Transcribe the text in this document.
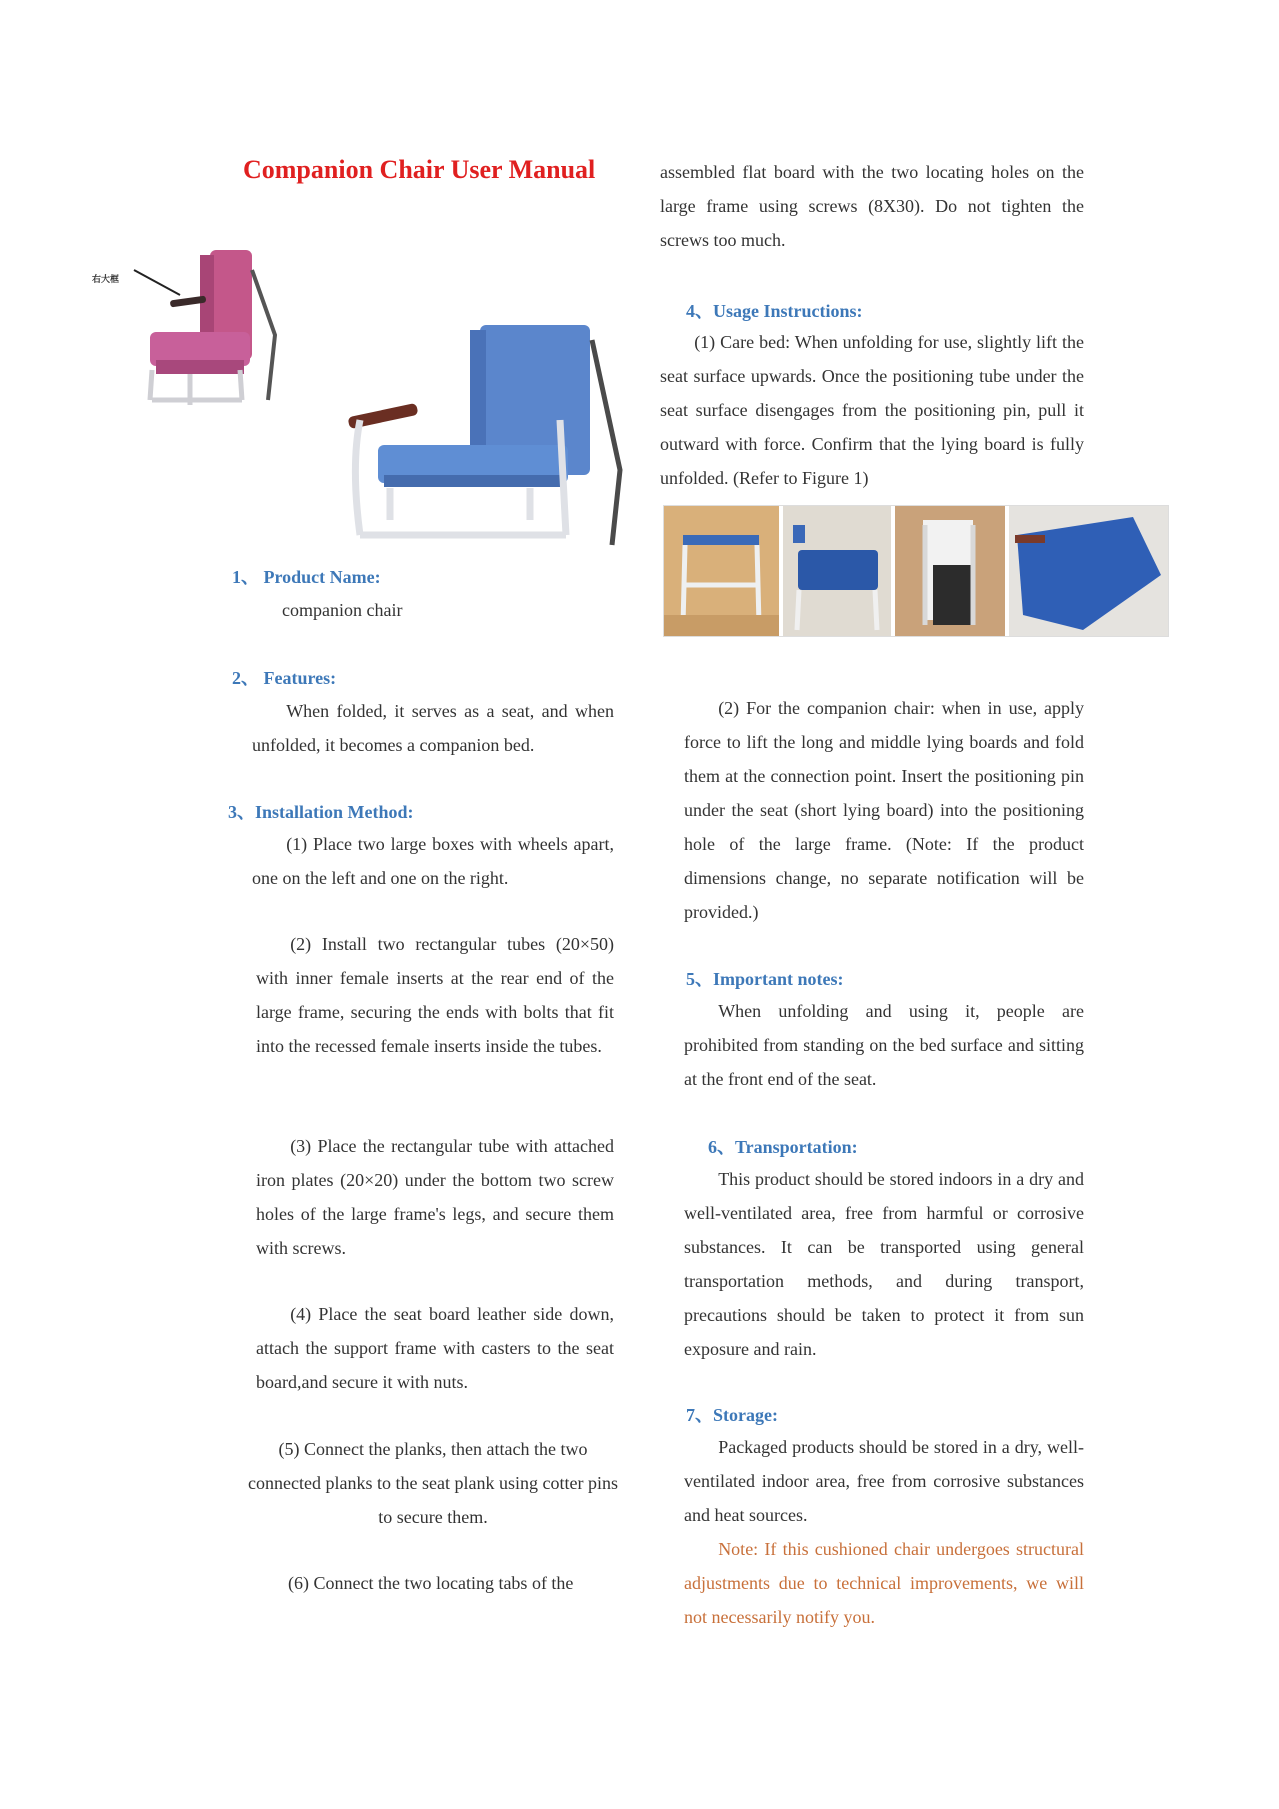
Companion Chair User Manual
右大框
1、 Product Name:
companion chair
2、 Features:
When folded, it serves as a seat, and when unfolded, it becomes a companion bed.
3、Installation Method:
(1) Place two large boxes with wheels apart, one on the left and one on the right.
(2) Install two rectangular tubes (20×50) with inner female inserts at the rear end of the large frame, securing the ends with bolts that fit into the recessed female inserts inside the tubes.
(3) Place the rectangular tube with attached iron plates (20×20) under the bottom two screw holes of the large frame's legs, and secure them with screws.
(4) Place the seat board leather side down, attach the support frame with casters to the seat board,and secure it with nuts.
(5) Connect the planks, then attach the two connected planks to the seat plank using cotter pins to secure them.
(6) Connect the two locating tabs of the
assembled flat board with the two locating holes on the large frame using screws (8X30). Do not tighten the screws too much.
4、Usage Instructions:
(1) Care bed: When unfolding for use, slightly lift the seat surface upwards. Once the positioning tube under the seat surface disengages from the positioning pin, pull it outward with force. Confirm that the lying board is fully unfolded. (Refer to Figure 1)
(2) For the companion chair: when in use, apply force to lift the long and middle lying boards and fold them at the connection point. Insert the positioning pin under the seat (short lying board) into the positioning hole of the large frame. (Note: If the product dimensions change, no separate notification will be provided.)
5、Important notes:
When unfolding and using it, people are prohibited from standing on the bed surface and sitting at the front end of the seat.
6、Transportation:
This product should be stored indoors in a dry and well-ventilated area, free from harmful or corrosive substances. It can be transported using general transportation methods, and during transport, precautions should be taken to protect it from sun exposure and rain.
7、Storage:
Packaged products should be stored in a dry, well-ventilated indoor area, free from corrosive substances and heat sources.
Note: If this cushioned chair undergoes structural adjustments due to technical improvements, we will not necessarily notify you.
